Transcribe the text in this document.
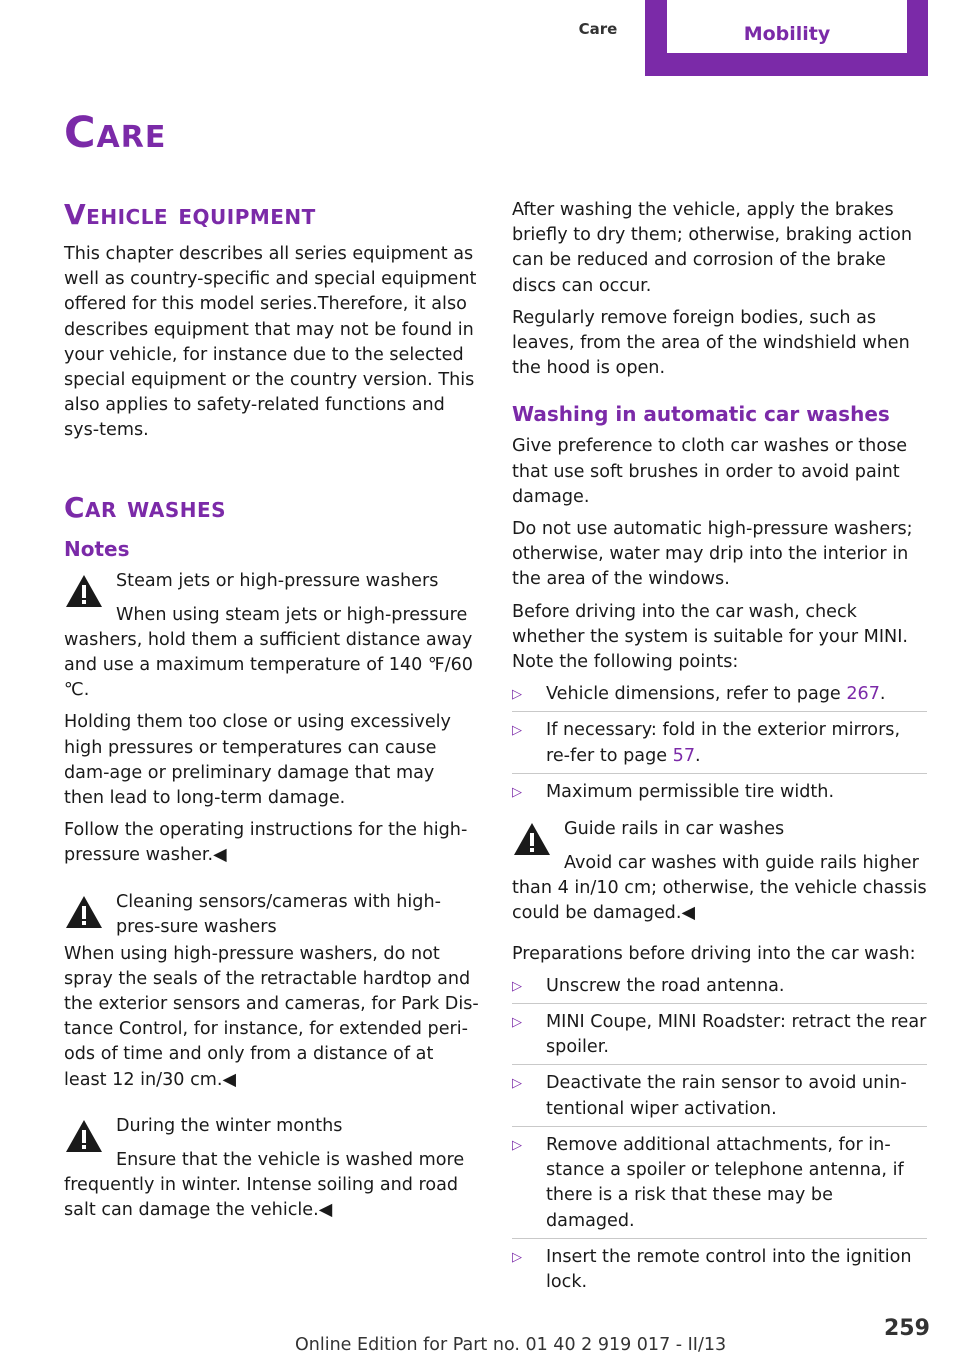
Care	Mobility
Care
Vehicle equipment

This chapter describes all series equipment as well as country-specific and special equipment offered for this model series.Therefore, it also describes equipment that may not be found in your vehicle, for instance due to the selected special equipment or the country version. This also applies to safety-related functions and sys‐tems.

Car washes
Notes
Steam jets or high-pressure washers

When using steam jets or high-pressure washers, hold them a sufficient distance away and use a maximum temperature of 140 ℉/60 ℃.

Holding them too close or using excessively high pressures or temperatures can cause dam‐age or preliminary damage that may then lead to long-term damage.

Follow the operating instructions for the high-pressure washer.◀

Cleaning sensors/cameras with high-pres‐sure washers

When using high-pressure washers, do not spray the seals of the retractable hardtop and the exterior sensors and cameras, for Park Dis‐tance Control, for instance, for extended peri‐ods of time and only from a distance of at least 12 in/30 cm.◀

During the winter months

Ensure that the vehicle is washed more frequently in winter. Intense soiling and road salt can damage the vehicle.◀

After washing the vehicle, apply the brakes briefly to dry them; otherwise, braking action can be reduced and corrosion of the brake discs can occur.

Regularly remove foreign bodies, such as leaves, from the area of the windshield when the hood is open.

Washing in automatic car washes

Give preference to cloth car washes or those that use soft brushes in order to avoid paint damage.

Do not use automatic high-pressure washers; otherwise, water may drip into the interior in the area of the windows.

Before driving into the car wash, check whether the system is suitable for your MINI. Note the following points:

▷ Vehicle dimensions, refer to page 267.
▷ If necessary: fold in the exterior mirrors, re‐fer to page 57.
▷ Maximum permissible tire width.
Guide rails in car washes

Avoid car washes with guide rails higher than 4 in/10 cm; otherwise, the vehicle chassis could be damaged.◀

Preparations before driving into the car wash:

▷ Unscrew the road antenna.
▷ MINI Coupe, MINI Roadster: retract the rear spoiler.
▷ Deactivate the rain sensor to avoid unin‐tentional wiper activation.
▷ Remove additional attachments, for in‐stance a spoiler or telephone antenna, if there is a risk that these may be damaged.
▷ Insert the remote control into the ignition lock.
259
Online Edition for Part no. 01 40 2 919 017 - II/13
